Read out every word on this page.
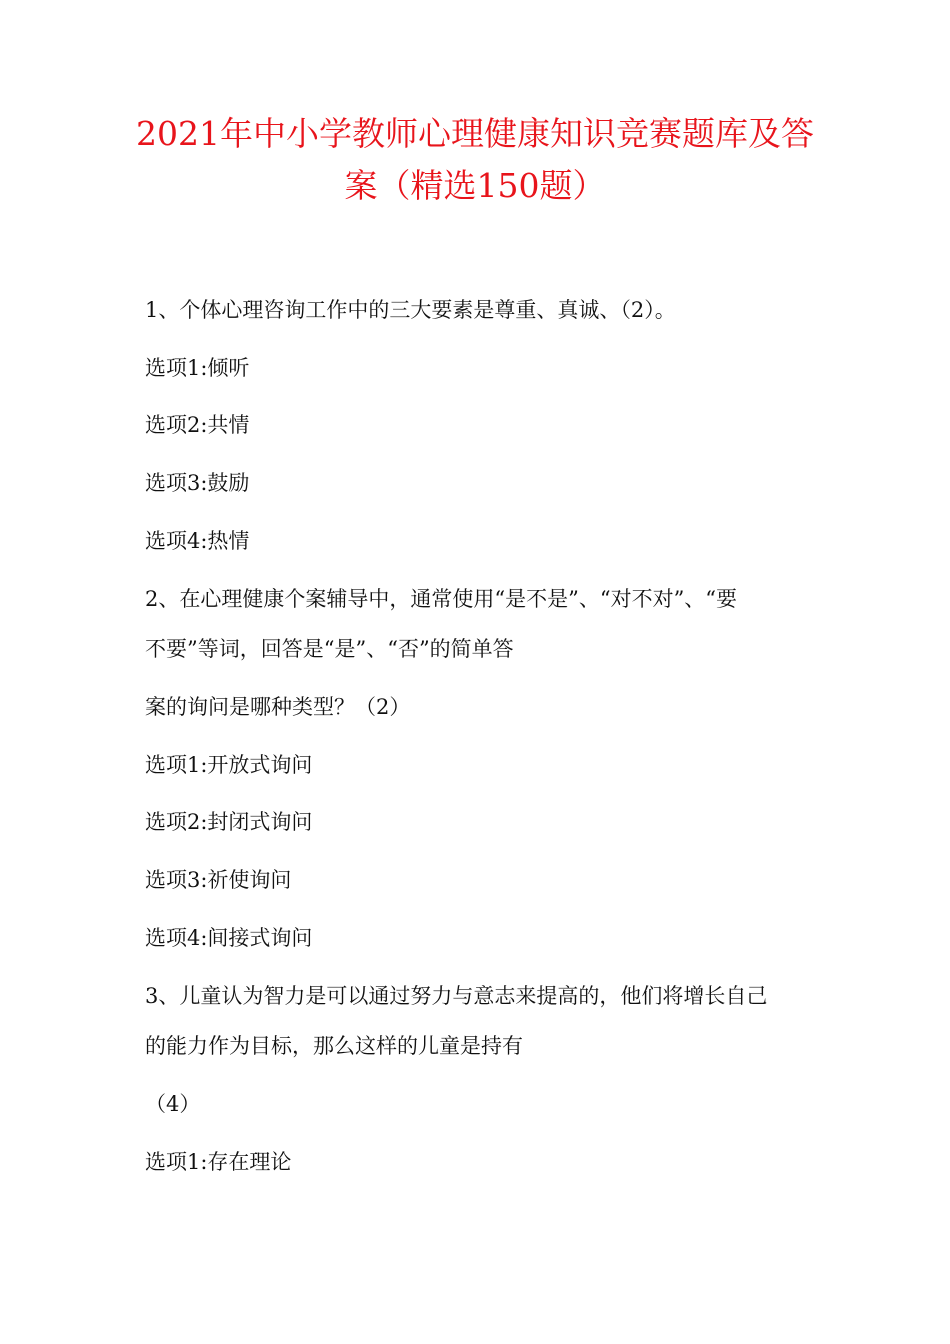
2021年中小学教师心理健康知识竞赛题库及答
案（精选150题）
1、个体心理咨询工作中的三大要素是尊重、真诚、（2）。
选项1:倾听
选项2:共情
选项3:鼓励
选项4:热情
2、在心理健康个案辅导中，通常使用“是不是”、“对不对”、“要
不要”等词，回答是“是”、“否”的简单答
案的询问是哪种类型？（2）
选项1:开放式询问
选项2:封闭式询问
选项3:祈使询问
选项4:间接式询问
3、儿童认为智力是可以通过努力与意志来提高的，他们将增长自己
的能力作为目标，那么这样的儿童是持有
（4）
选项1:存在理论
